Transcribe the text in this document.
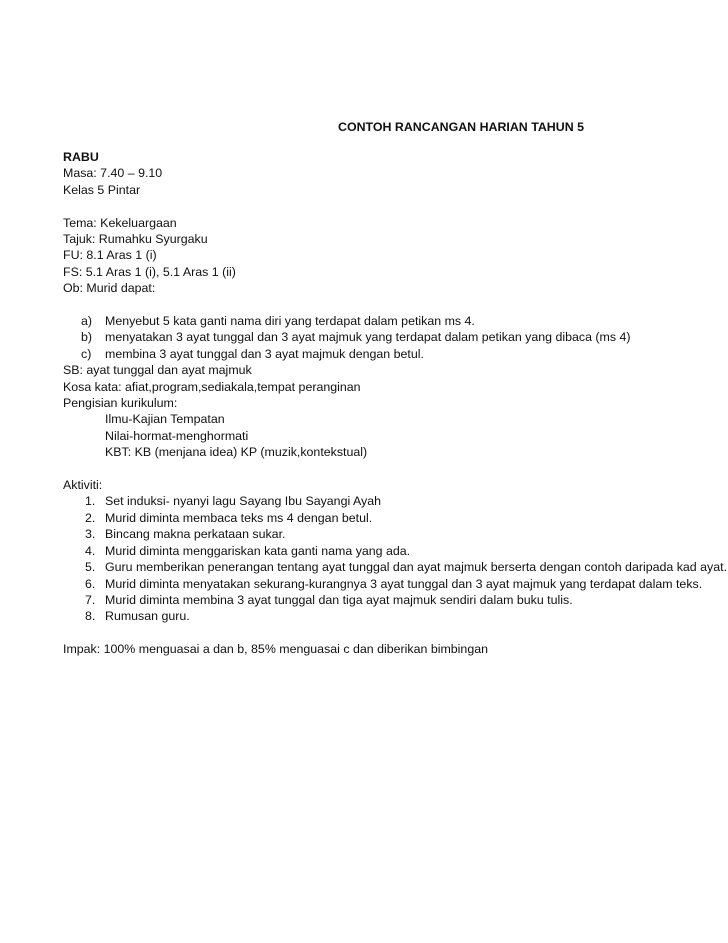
CONTOH RANCANGAN HARIAN TAHUN 5
RABU
Masa: 7.40 – 9.10
Kelas 5 Pintar
Tema: Kekeluargaan
Tajuk: Rumahku Syurgaku
FU: 8.1 Aras 1 (i)
FS: 5.1 Aras 1 (i), 5.1 Aras 1 (ii)
Ob: Murid dapat:
a)	Menyebut 5 kata ganti nama diri yang terdapat dalam petikan ms 4.
b)	menyatakan 3 ayat tunggal dan 3 ayat majmuk yang terdapat dalam petikan yang dibaca (ms 4)
c)	membina 3 ayat tunggal dan 3 ayat majmuk dengan betul.
SB: ayat tunggal dan ayat majmuk
Kosa kata: afiat,program,sediakala,tempat peranginan
Pengisian kurikulum:
Ilmu-Kajian Tempatan
Nilai-hormat-menghormati
KBT: KB (menjana idea) KP (muzik,kontekstual)
Aktiviti:
1. Set induksi- nyanyi lagu Sayang Ibu Sayangi Ayah
2. Murid diminta membaca teks ms 4 dengan betul.
3. Bincang makna perkataan sukar.
4. Murid diminta menggariskan kata ganti nama yang ada.
5. Guru memberikan penerangan tentang ayat tunggal dan ayat majmuk berserta dengan contoh daripada kad ayat.
6. Murid diminta menyatakan sekurang-kurangnya 3 ayat tunggal dan 3 ayat majmuk yang terdapat dalam teks.
7. Murid diminta membina 3 ayat tunggal dan tiga ayat majmuk sendiri dalam buku tulis.
8. Rumusan guru.
Impak: 100% menguasai a dan b, 85% menguasai c dan diberikan bimbingan
